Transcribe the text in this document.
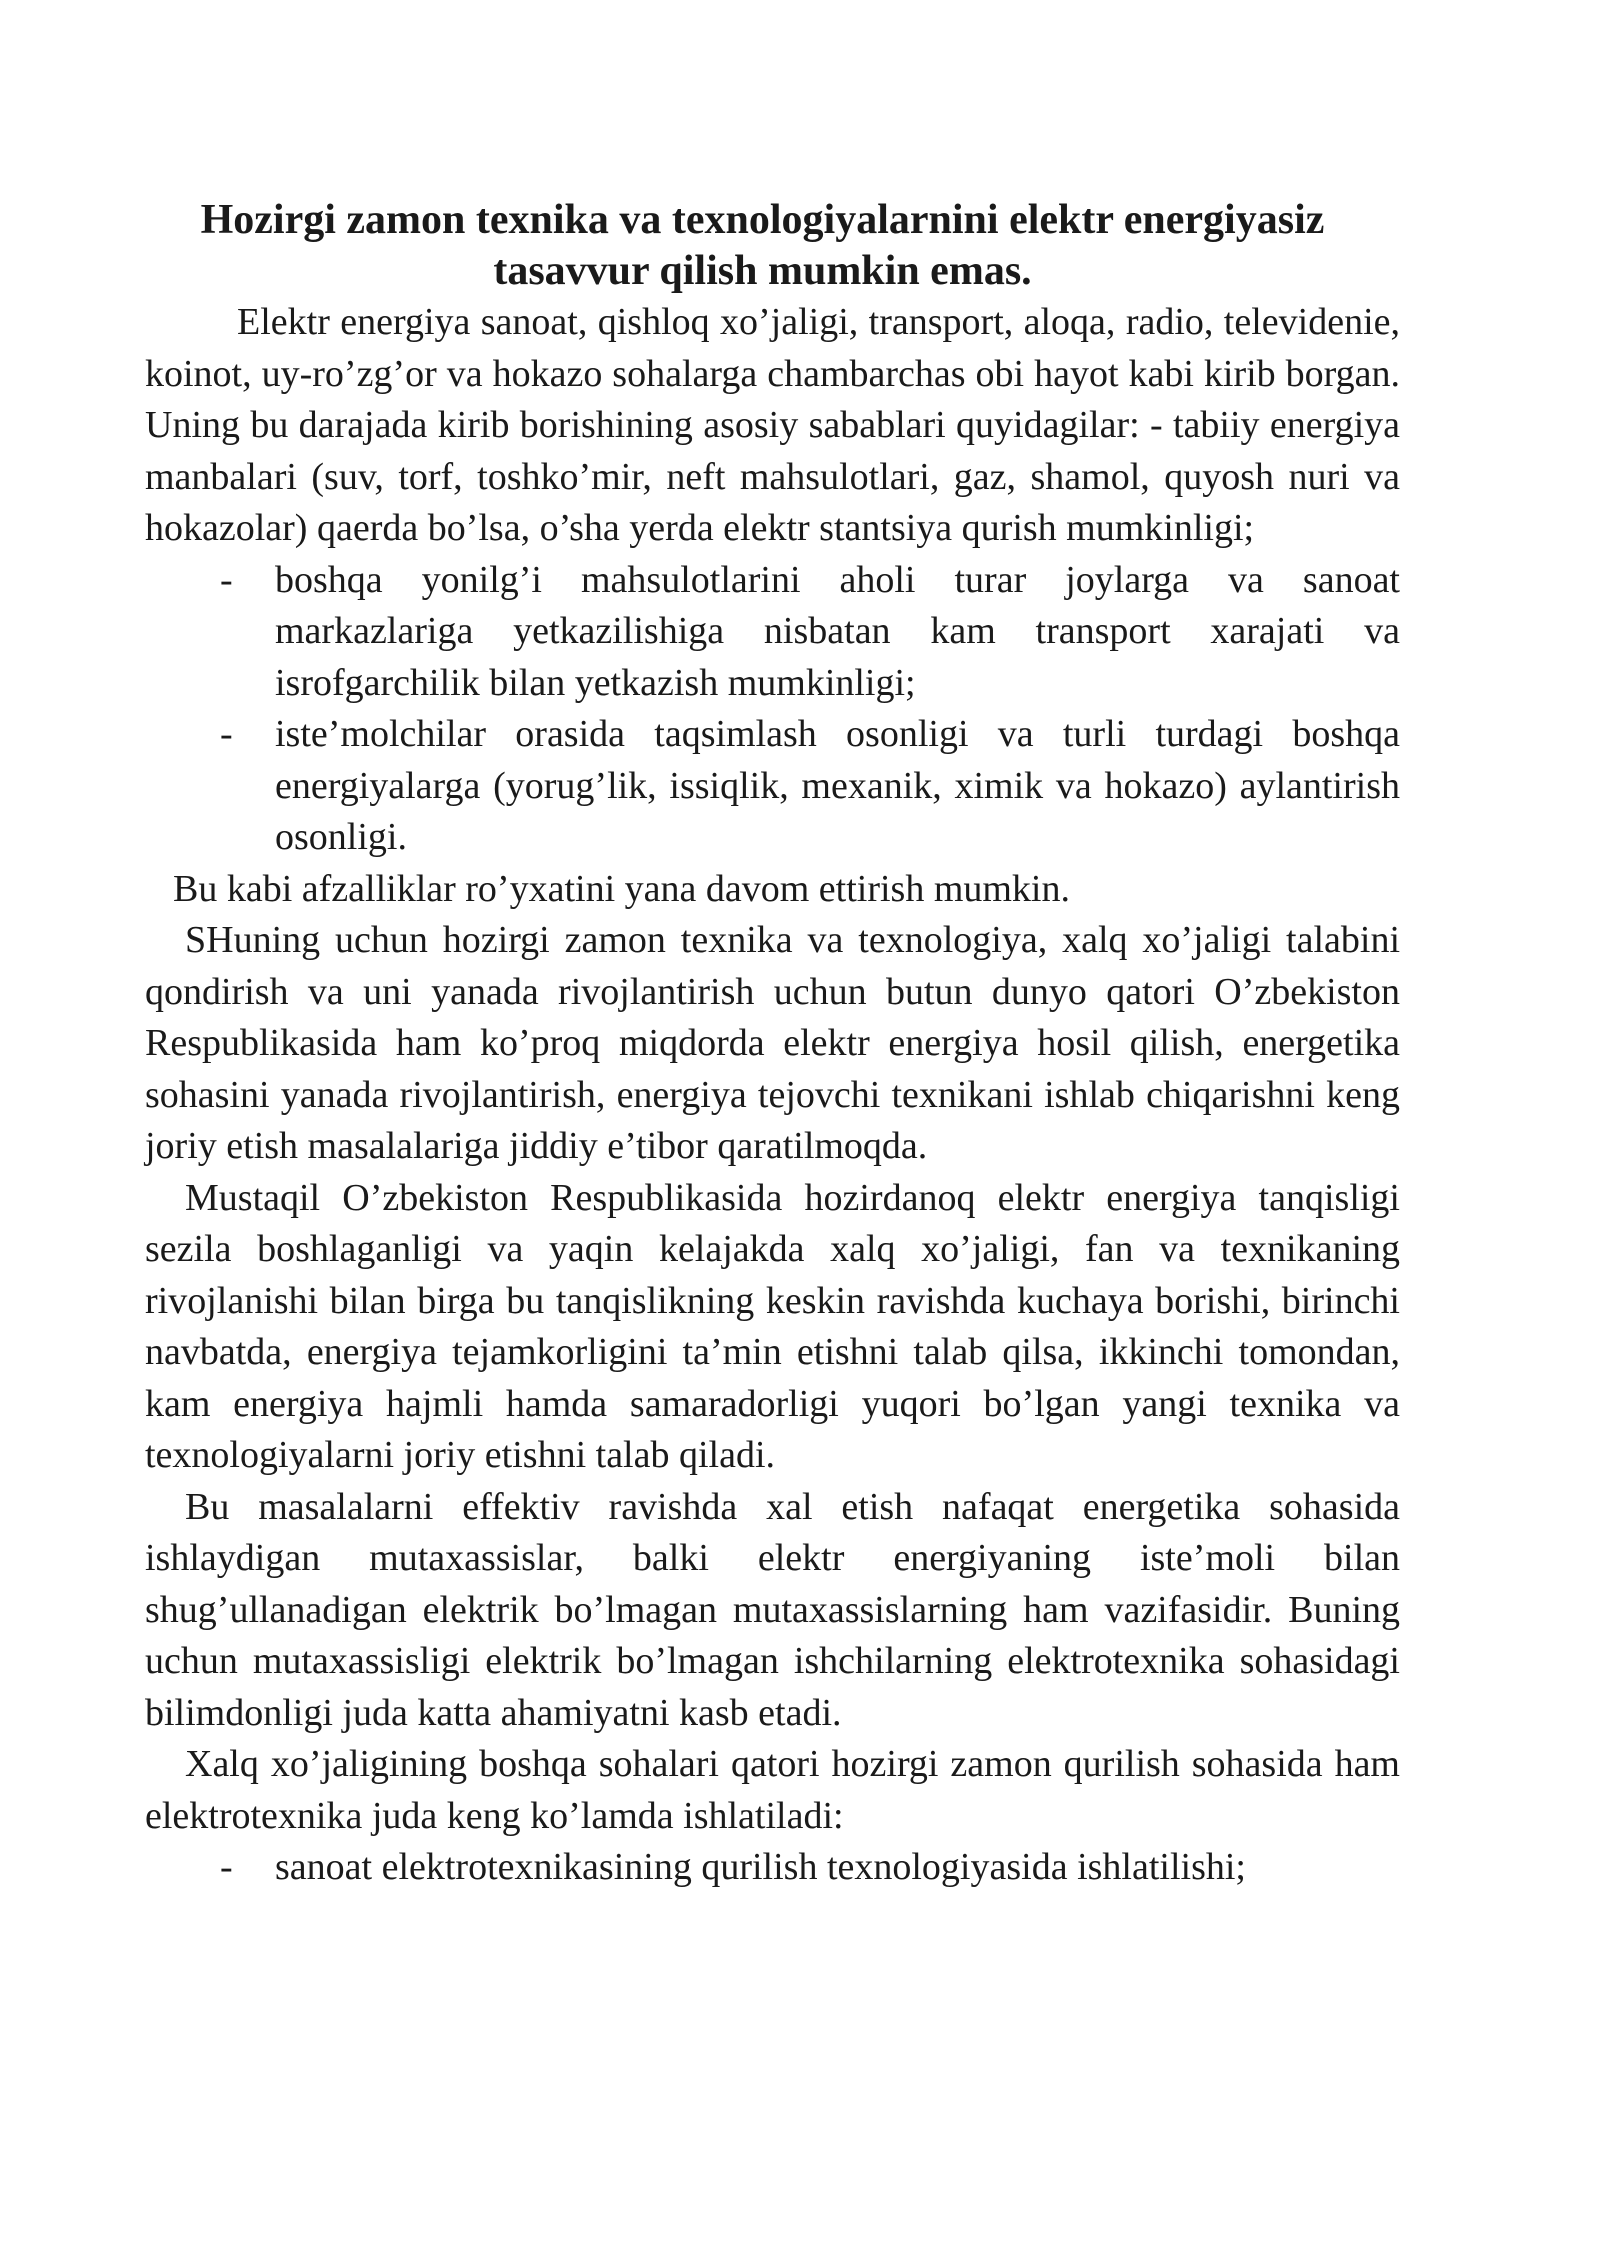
Hozirgi zamon texnika va texnologiyalarnini elektr energiyasiz tasavvur qilish mumkin emas.

Elektr energiya sanoat, qishloq xo’jaligi, transport, aloqa, radio, televidenie, koinot, uy-ro’zg’or va hokazo sohalarga chambarchas obi hayot kabi kirib borgan. Uning bu darajada kirib borishining asosiy sabablari quyidagilar: - tabiiy energiya manbalari (suv, torf, toshko’mir, neft mahsulotlari, gaz, shamol, quyosh nuri va hokazolar) qaerda bo’lsa, o’sha yerda elektr stantsiya qurish mumkinligi;

- boshqa yonilg’i mahsulotlarini aholi turar joylarga va sanoat markazlariga yetkazilishiga nisbatan kam transport xarajati va isrofgarchilik bilan yetkazish mumkinligi;
- iste’molchilar orasida taqsimlash osonligi va turli turdagi boshqa energiyalarga (yorug’lik, issiqlik, mexanik, ximik va hokazo) aylantirish osonligi.

Bu kabi afzalliklar ro’yxatini yana davom ettirish mumkin.

SHuning uchun hozirgi zamon texnika va texnologiya, xalq xo’jaligi talabini qondirish va uni yanada rivojlantirish uchun butun dunyo qatori O’zbekiston Respublikasida ham ko’proq miqdorda elektr energiya hosil qilish, energetika sohasini yanada rivojlantirish, energiya tejovchi texnikani ishlab chiqarishni keng joriy etish masalalariga jiddiy e’tibor qaratilmoqda.

Mustaqil O’zbekiston Respublikasida hozirdanoq elektr energiya tanqisligi sezila boshlaganligi va yaqin kelajakda xalq xo’jaligi, fan va texnikaning rivojlanishi bilan birga bu tanqislikning keskin ravishda kuchaya borishi, birinchi navbatda, energiya tejamkorligini ta’min etishni talab qilsa, ikkinchi tomondan, kam energiya hajmli hamda samaradorligi yuqori bo’lgan yangi texnika va texnologiyalarni joriy etishni talab qiladi.

Bu masalalarni effektiv ravishda xal etish nafaqat energetika sohasida ishlaydigan mutaxassislar, balki elektr energiyaning iste’moli bilan shug’ullanadigan elektrik bo’lmagan mutaxassislarning ham vazifasidir. Buning uchun mutaxassisligi elektrik bo’lmagan ishchilarning elektrotexnika sohasidagi bilimdonligi juda katta ahamiyatni kasb etadi.

Xalq xo’jaligining boshqa sohalari qatori hozirgi zamon qurilish sohasida ham elektrotexnika juda keng ko’lamda ishlatiladi:

- sanoat elektrotexnikasining qurilish texnologiyasida ishlatilishi;
